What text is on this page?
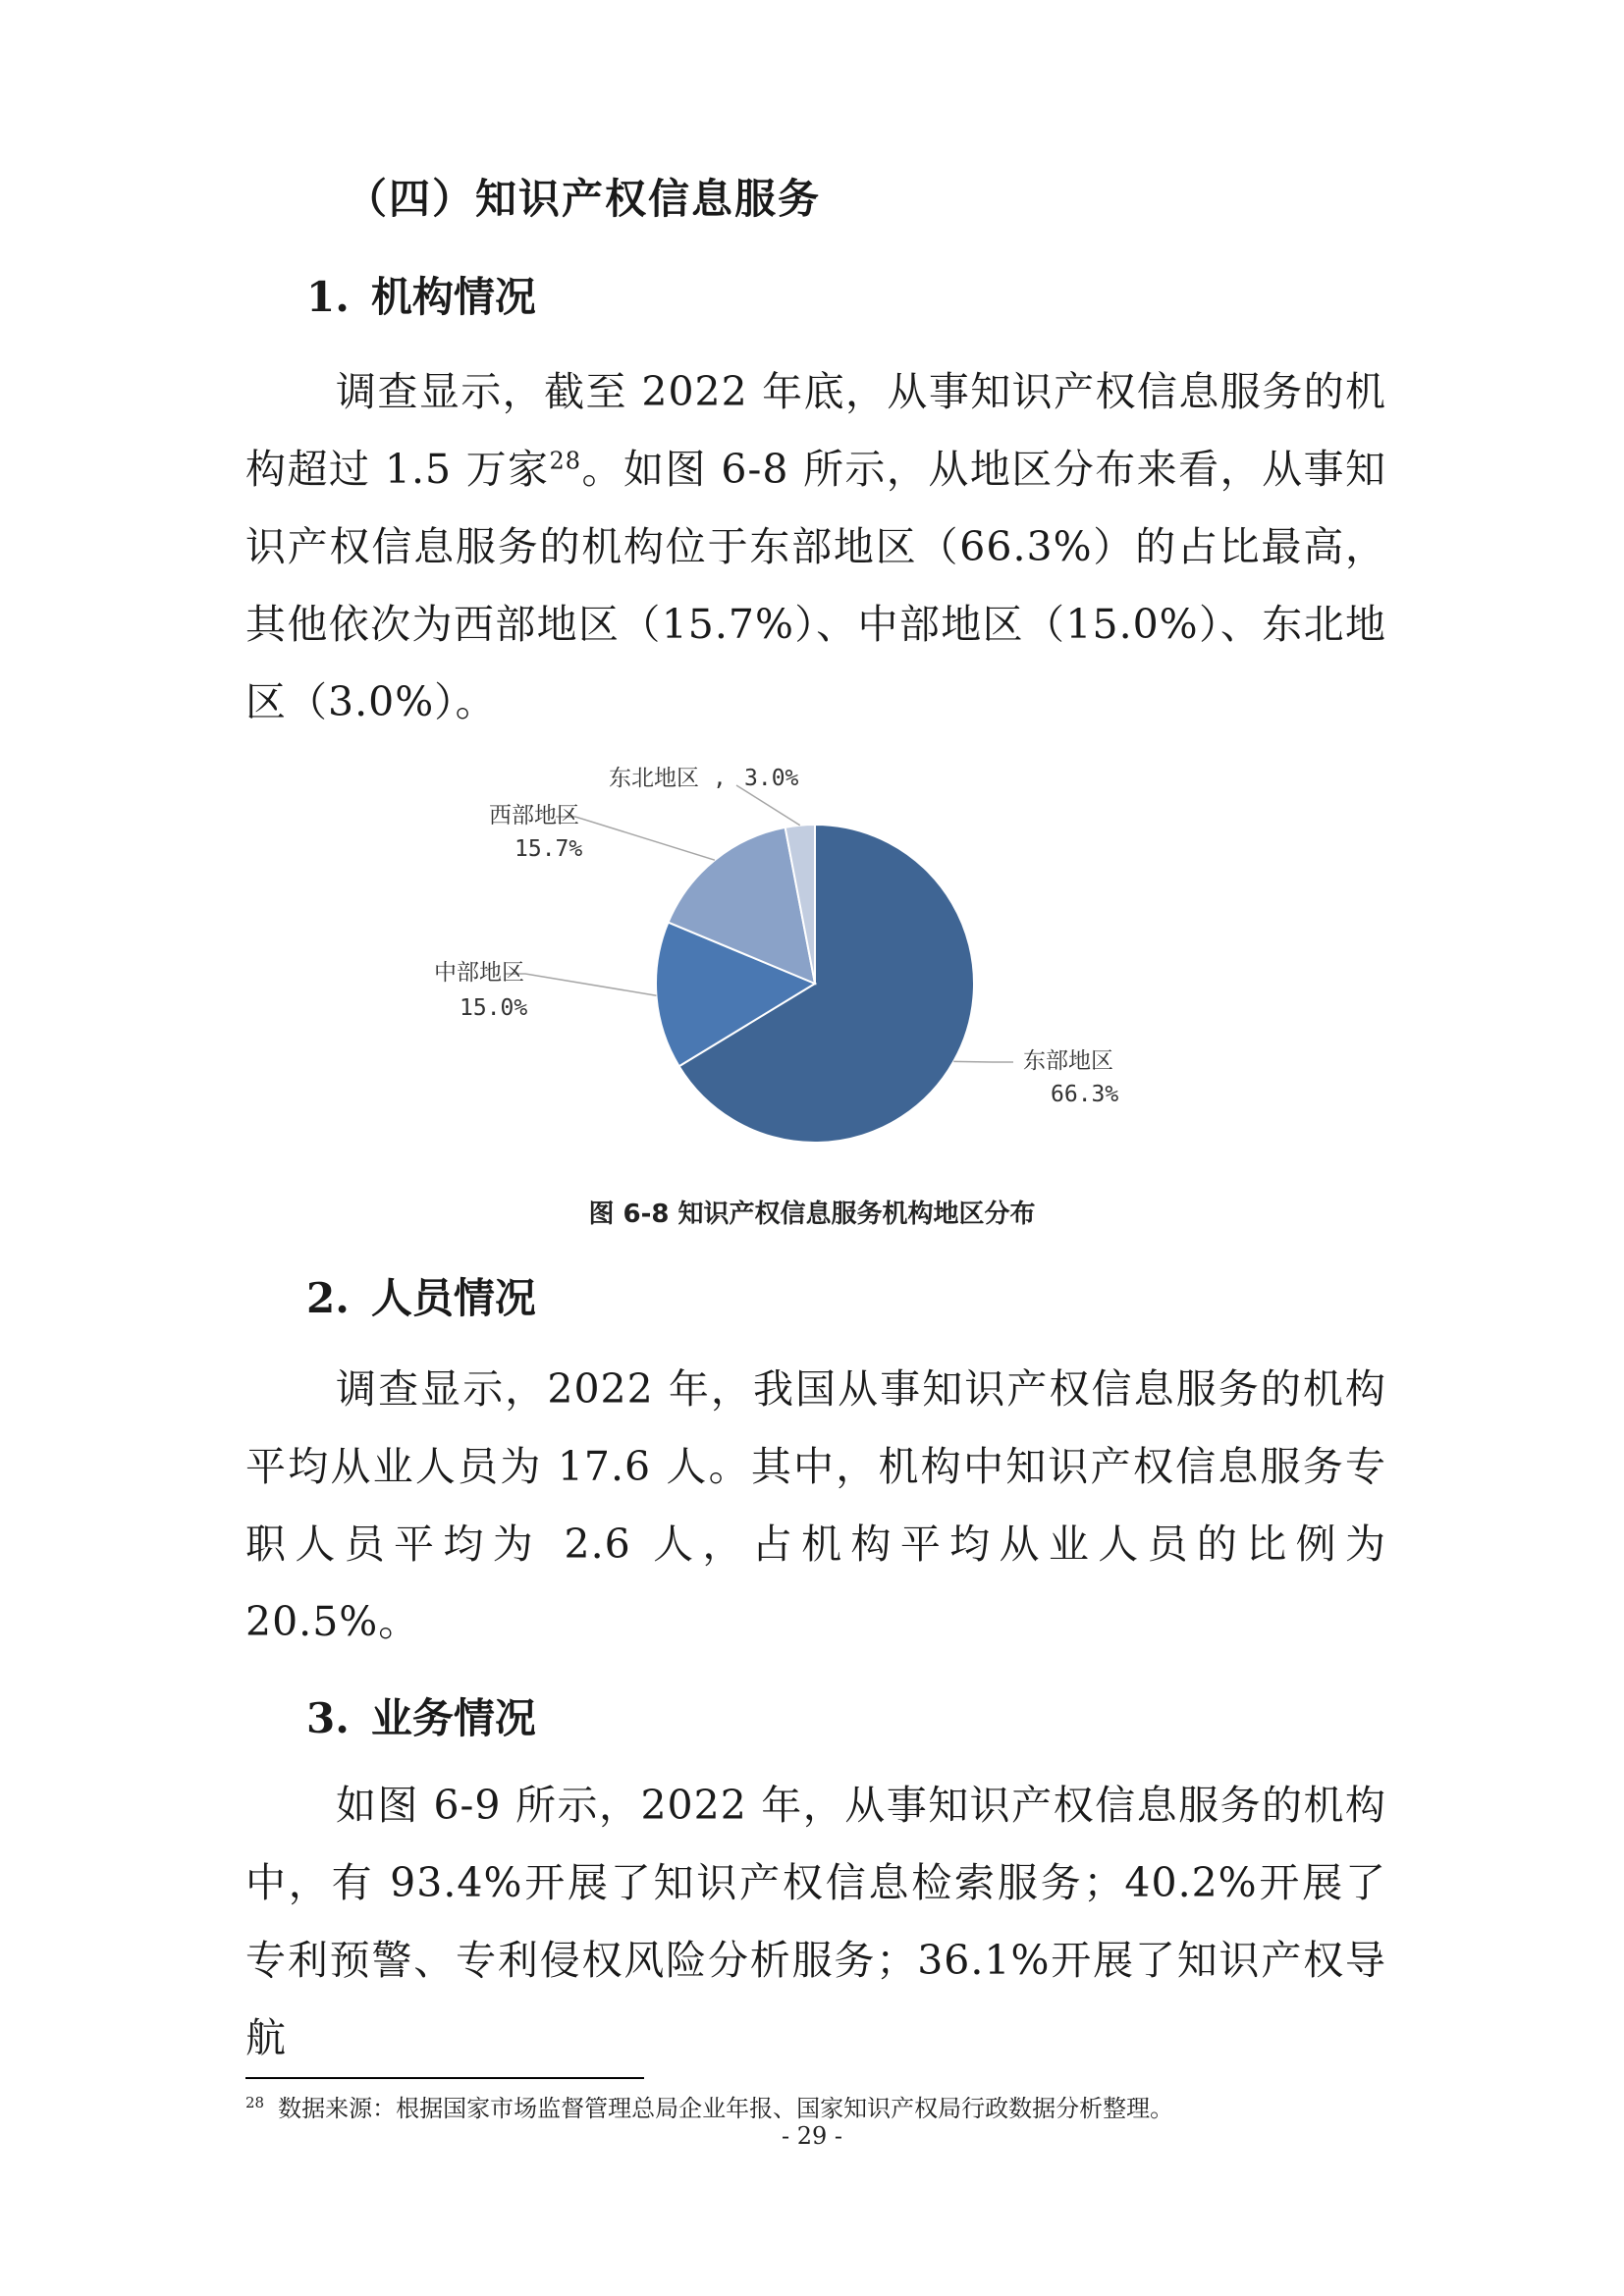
（四）知识产权信息服务
1. 机构情况

调查显示，截至 2022 年底，从事知识产权信息服务的机构超过 1.5 万家$^{28}$。如图 6-8 所示，从地区分布来看，从事知识产权信息服务的机构位于东部地区（66.3%）的占比最高，其他依次为西部地区（15.7%）、中部地区（15.0%）、东北地区（3.0%）。

东部地区
66.3%
中部地区
15.0%
西部地区
15.7%
东北地区 , 3.0%

图 6-8 知识产权信息服务机构地区分布

2. 人员情况

调查显示，2022 年，我国从事知识产权信息服务的机构平均从业人员为 17.6 人。其中，机构中知识产权信息服务专职人员平均为 2.6 人，占机构平均从业人员的比例为 20.5%。

3. 业务情况

如图 6-9 所示，2022 年，从事知识产权信息服务的机构中，有 93.4%开展了知识产权信息检索服务；40.2%开展了专利预警、专利侵权风险分析服务；36.1%开展了知识产权导航

$^{28}$ 数据来源：根据国家市场监督管理总局企业年报、国家知识产权局行政数据分析整理。

- 29 -
